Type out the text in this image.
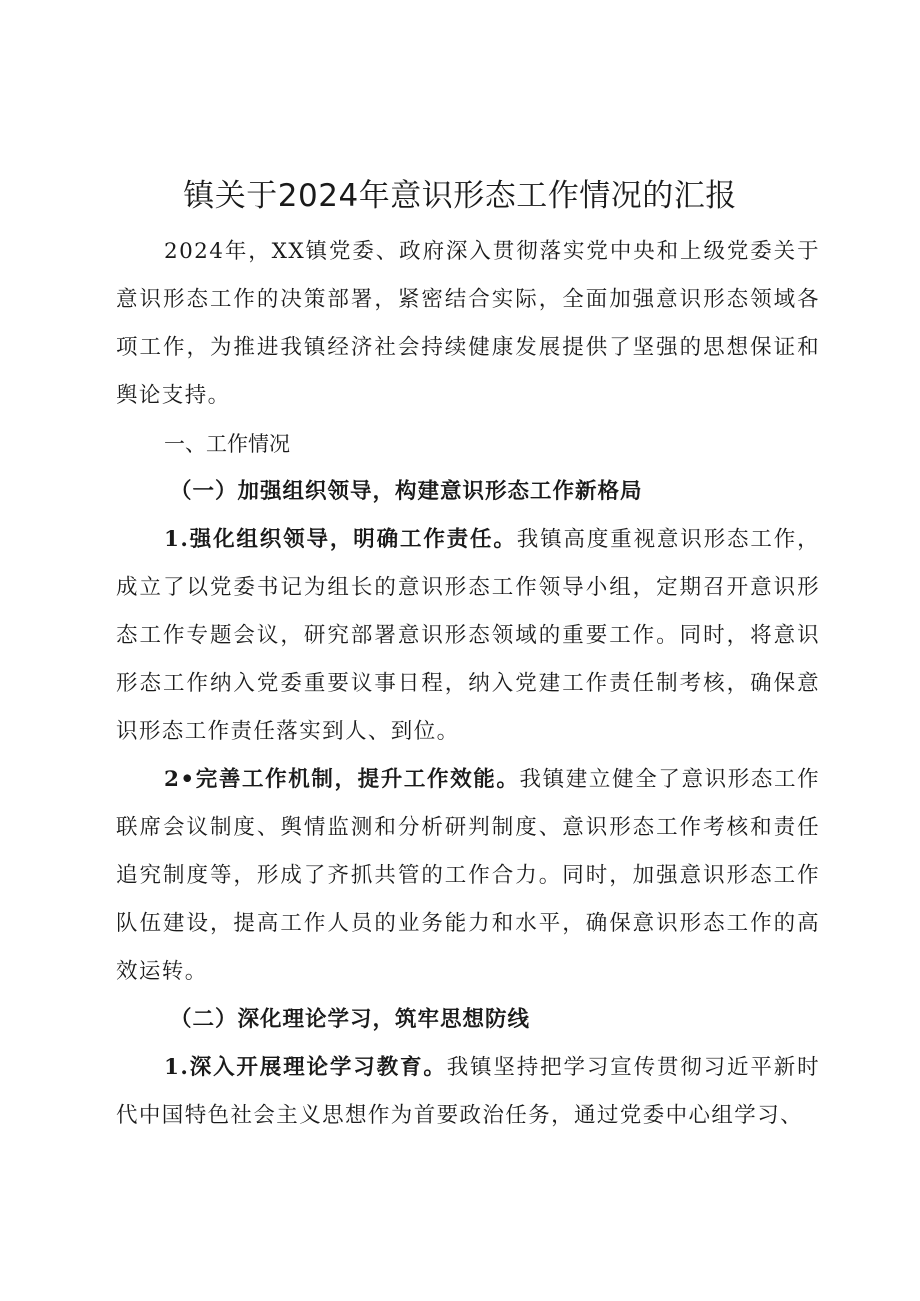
镇关于2024年意识形态工作情况的汇报

2024年，XX镇党委、政府深入贯彻落实党中央和上级党委关于意识形态工作的决策部署，紧密结合实际，全面加强意识形态领域各项工作，为推进我镇经济社会持续健康发展提供了坚强的思想保证和舆论支持。

一、工作情况
（一）加强组织领导，构建意识形态工作新格局

1.强化组织领导，明确工作责任。我镇高度重视意识形态工作，成立了以党委书记为组长的意识形态工作领导小组，定期召开意识形态工作专题会议，研究部署意识形态领域的重要工作。同时，将意识形态工作纳入党委重要议事日程，纳入党建工作责任制考核，确保意识形态工作责任落实到人、到位。

2•完善工作机制，提升工作效能。我镇建立健全了意识形态工作联席会议制度、舆情监测和分析研判制度、意识形态工作考核和责任追究制度等，形成了齐抓共管的工作合力。同时，加强意识形态工作队伍建设，提高工作人员的业务能力和水平，确保意识形态工作的高效运转。

（二）深化理论学习，筑牢思想防线

1.深入开展理论学习教育。我镇坚持把学习宣传贯彻习近平新时代中国特色社会主义思想作为首要政治任务，通过党委中心组学习、
